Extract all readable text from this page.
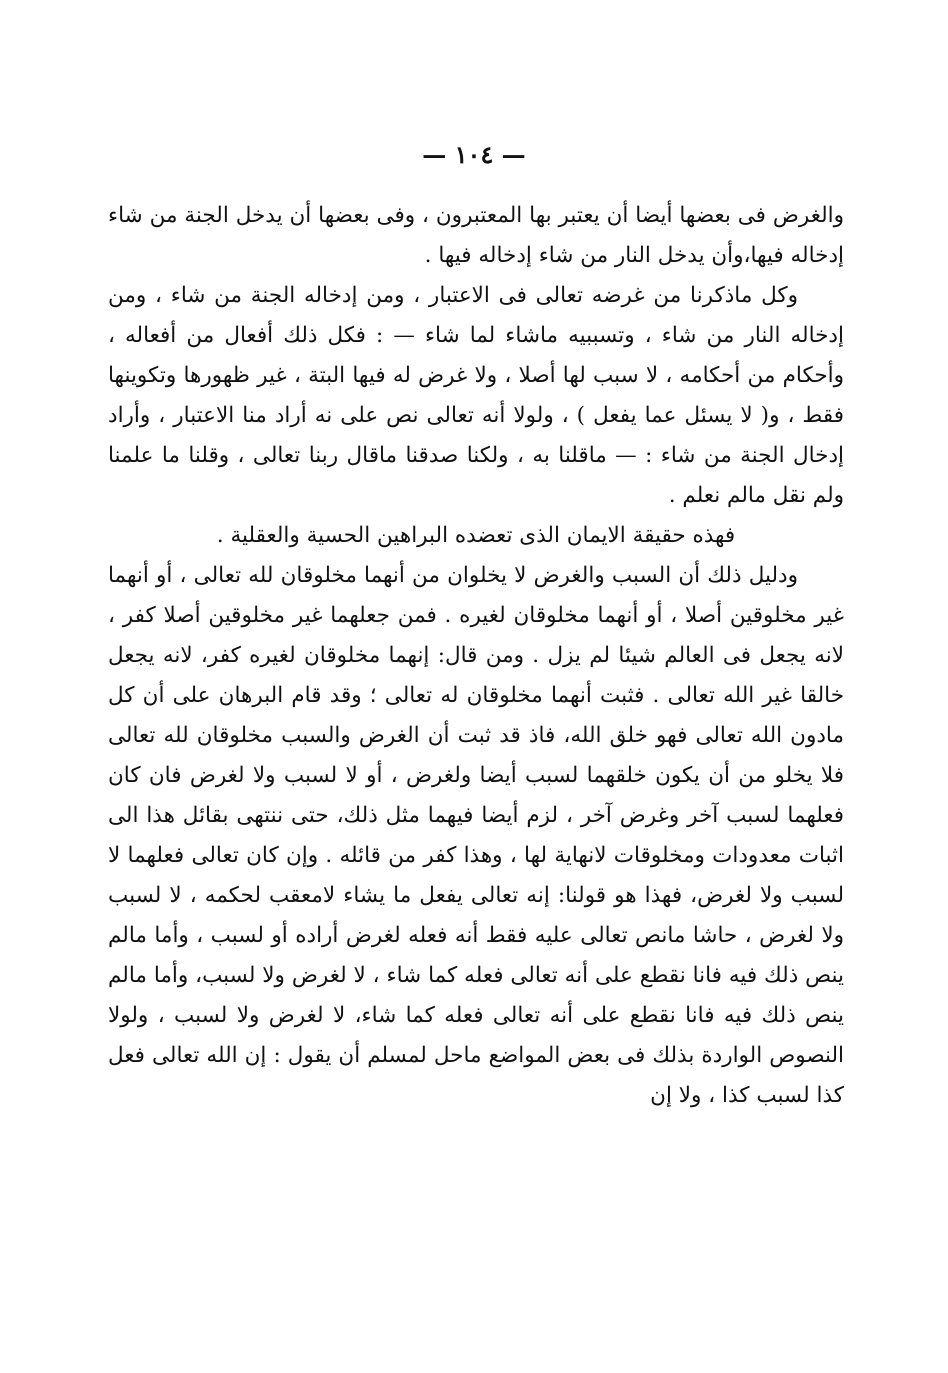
— ١٠٤ —

والغرض فى بعضها أيضا أن يعتبر بها المعتبرون ، وفى بعضها أن يدخل الجنة من شاء إدخاله فيها،وأن يدخل النار من شاء إدخاله فيها .

وكل ماذكرنا من غرضه تعالى فى الاعتبار ، ومن إدخاله الجنة من شاء ، ومن إدخاله النار من شاء ، وتسببيه ماشاء لما شاء — : فكل ذلك أفعال من أفعاله ، وأحكام من أحكامه ، لا سبب لها أصلا ، ولا غرض له فيها البتة ، غير ظهورها وتكوينها فقط ، و( لا يسئل عما يفعل ) ، ولولا أنه تعالى نص على نه أراد منا الاعتبار ، وأراد إدخال الجنة من شاء : — ماقلنا به ، ولكنا صدقنا ماقال ربنا تعالى ، وقلنا ما علمنا ولم نقل مالم نعلم .

فهذه حقيقة الايمان الذى تعضده البراهين الحسية والعقلية .

ودليل ذلك أن السبب والغرض لا يخلوان من أنهما مخلوقان لله تعالى ، أو أنهما غير مخلوقين أصلا ، أو أنهما مخلوقان لغيره . فمن جعلهما غير مخلوقين أصلا كفر ، لانه يجعل فى العالم شيئا لم يزل . ومن قال: إنهما مخلوقان لغيره كفر، لانه يجعل خالقا غير الله تعالى . فثبت أنهما مخلوقان له تعالى ؛ وقد قام البرهان على أن كل مادون الله تعالى فهو خلق الله، فاذ قد ثبت أن الغرض والسبب مخلوقان لله تعالى فلا يخلو من أن يكون خلقهما لسبب أيضا ولغرض ، أو لا لسبب ولا لغرض فان كان فعلهما لسبب آخر وغرض آخر ، لزم أيضا فيهما مثل ذلك، حتى ننتهى بقائل هذا الى اثبات معدودات ومخلوقات لانهاية لها ، وهذا كفر من قائله . وإن كان تعالى فعلهما لا لسبب ولا لغرض، فهذا هو قولنا: إنه تعالى يفعل ما يشاء لامعقب لحكمه ، لا لسبب ولا لغرض ، حاشا مانص تعالى عليه فقط أنه فعله لغرض أراده أو لسبب ، وأما مالم ينص ذلك فيه فانا نقطع على أنه تعالى فعله كما شاء ، لا لغرض ولا لسبب، وأما مالم ينص ذلك فيه فانا نقطع على أنه تعالى فعله كما شاء، لا لغرض ولا لسبب ، ولولا النصوص الواردة بذلك فى بعض المواضع ماحل لمسلم أن يقول : إن الله تعالى فعل كذا لسبب كذا ، ولا إن
